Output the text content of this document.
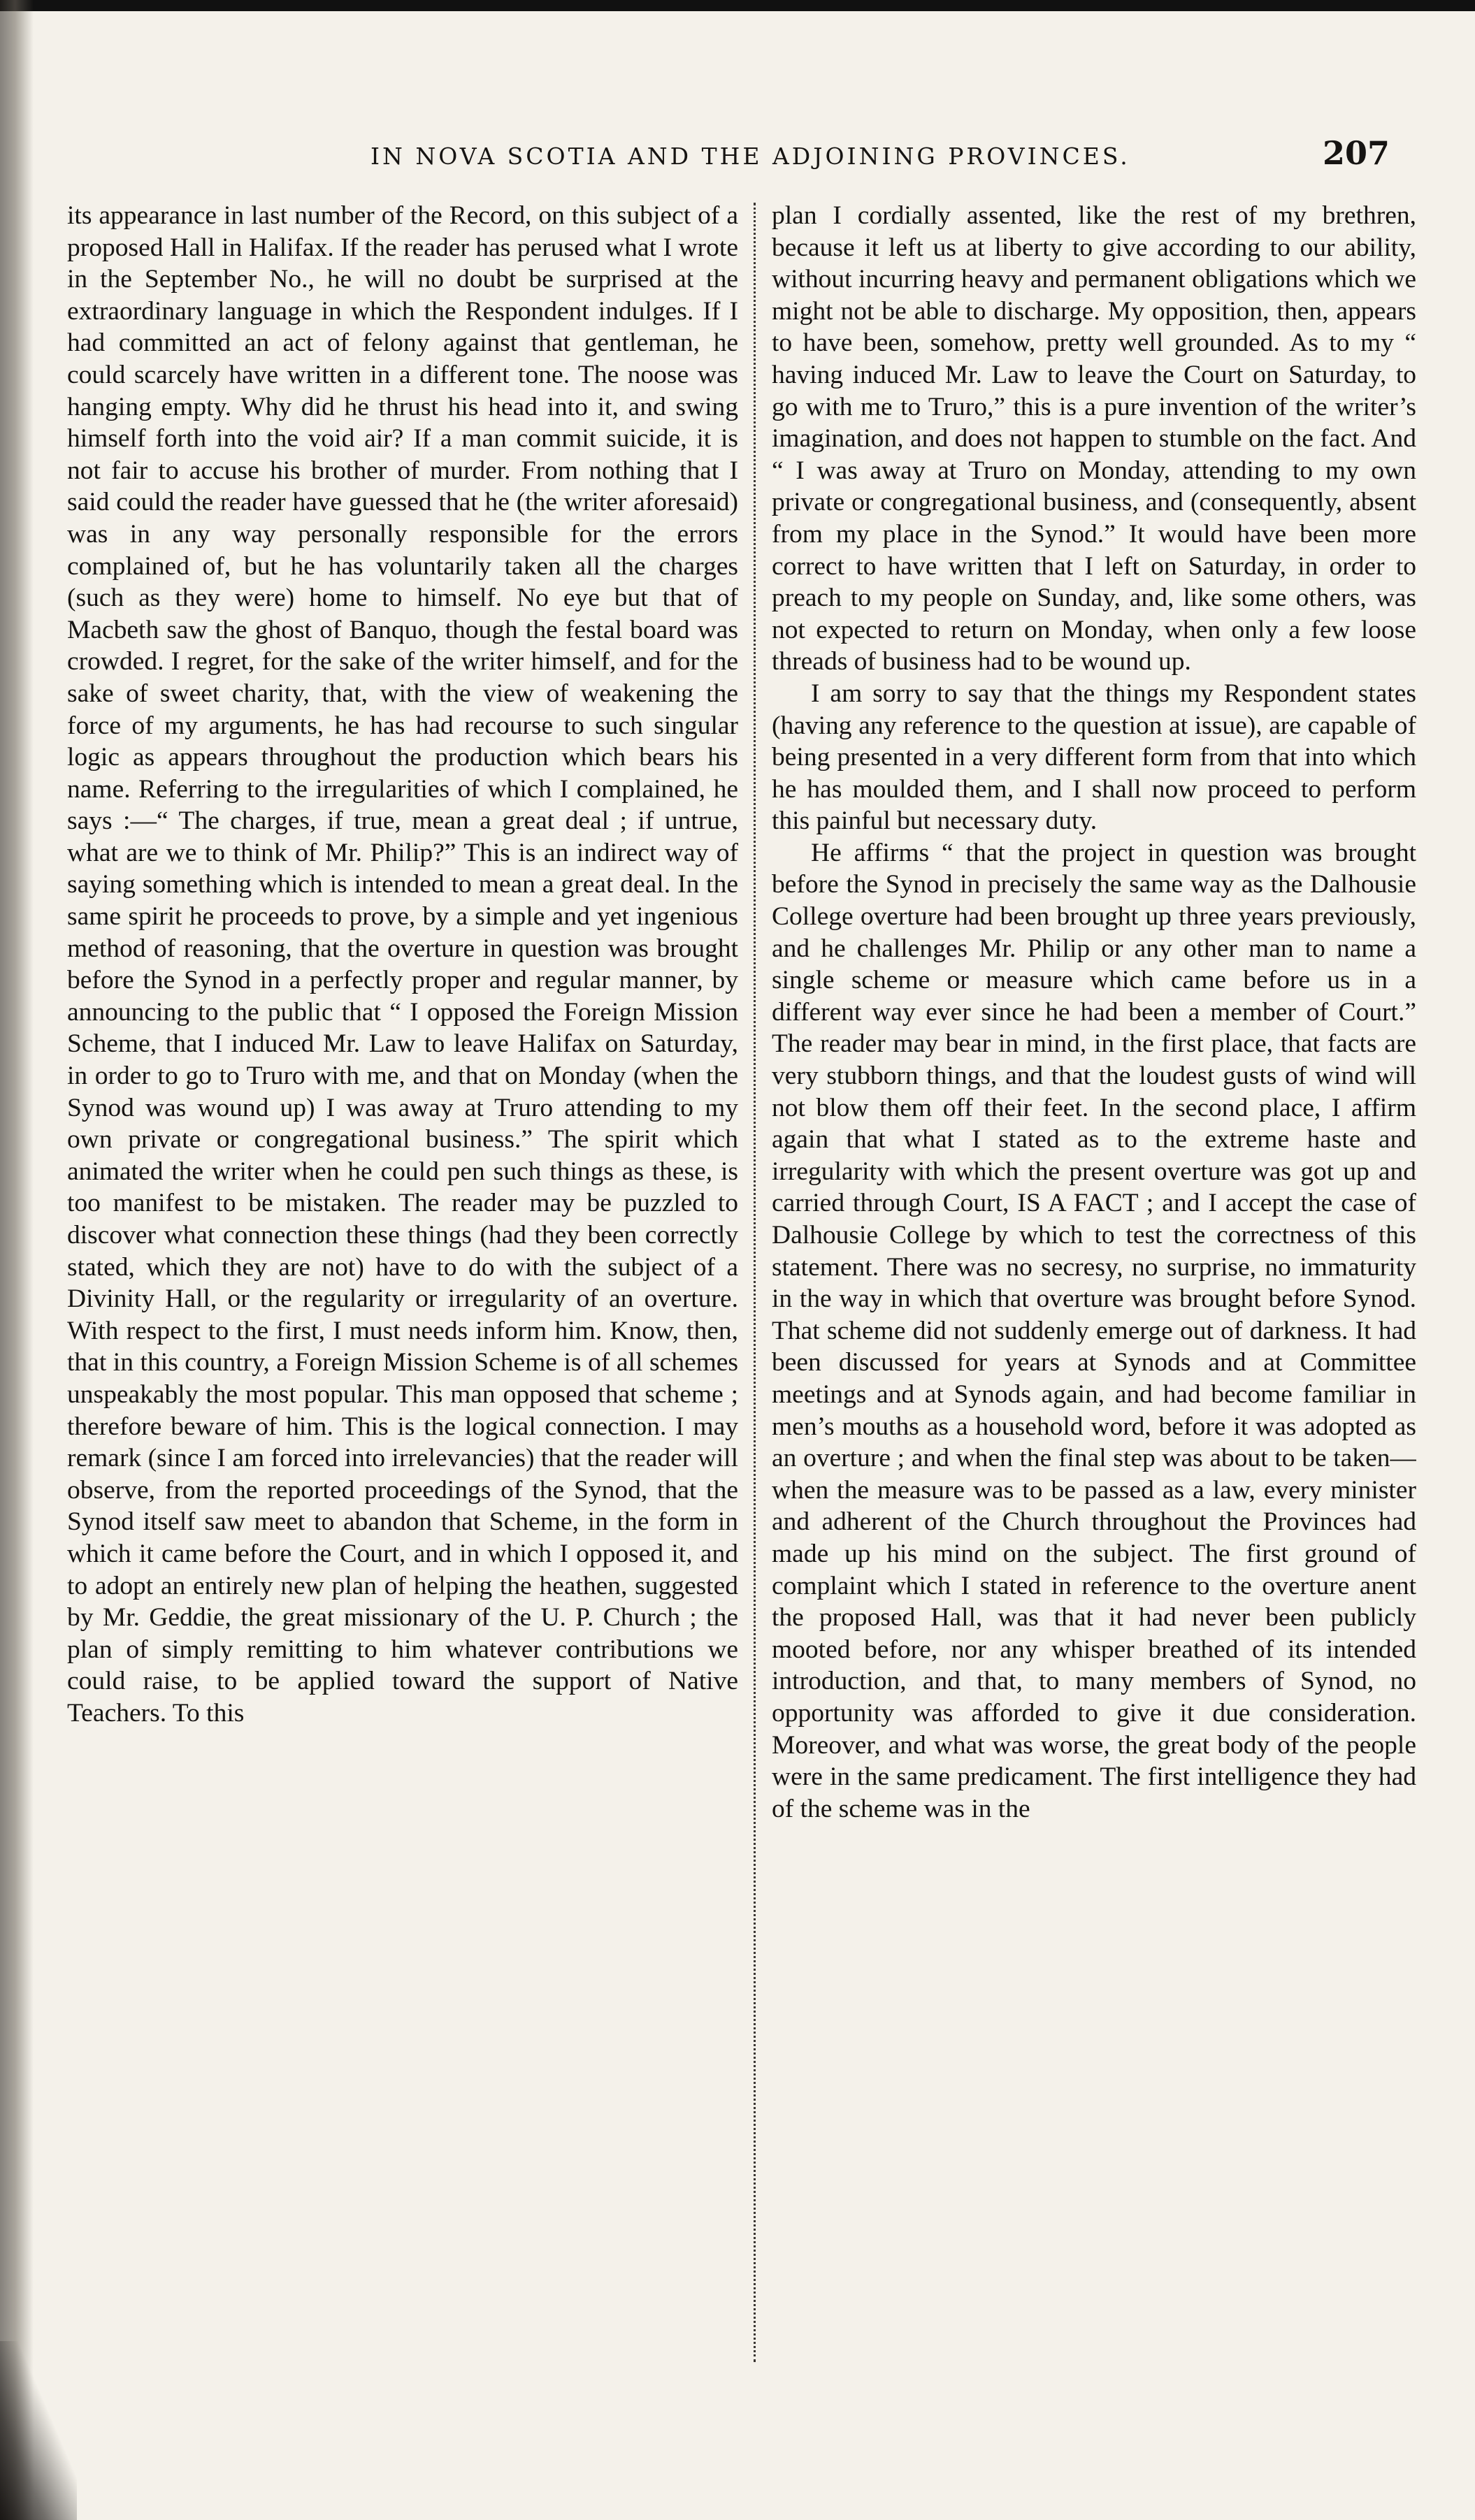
IN NOVA SCOTIA AND THE ADJOINING PROVINCES.	207

its appearance in last number of the Record, on this subject of a proposed Hall in Halifax. If the reader has perused what I wrote in the September No., he will no doubt be surprised at the extraordinary language in which the Respondent indulges. If I had committed an act of felony against that gentleman, he could scarcely have written in a different tone. The noose was hanging empty. Why did he thrust his head into it, and swing himself forth into the void air? If a man commit suicide, it is not fair to accuse his brother of murder. From nothing that I said could the reader have guessed that he (the writer aforesaid) was in any way personally responsible for the errors complained of, but he has voluntarily taken all the charges (such as they were) home to himself. No eye but that of Macbeth saw the ghost of Banquo, though the festal board was crowded. I regret, for the sake of the writer himself, and for the sake of sweet charity, that, with the view of weakening the force of my arguments, he has had recourse to such singular logic as appears throughout the production which bears his name. Referring to the irregularities of which I complained, he says :—“ The charges, if true, mean a great deal ; if untrue, what are we to think of Mr. Philip?” This is an indirect way of saying something which is intended to mean a great deal. In the same spirit he proceeds to prove, by a simple and yet ingenious method of reasoning, that the overture in question was brought before the Synod in a perfectly proper and regular manner, by announcing to the public that “ I opposed the Foreign Mission Scheme, that I induced Mr. Law to leave Halifax on Saturday, in order to go to Truro with me, and that on Monday (when the Synod was wound up) I was away at Truro attending to my own private or congregational business.” The spirit which animated the writer when he could pen such things as these, is too manifest to be mistaken. The reader may be puzzled to discover what connection these things (had they been correctly stated, which they are not) have to do with the subject of a Divinity Hall, or the regularity or irregularity of an overture. With respect to the first, I must needs inform him. Know, then, that in this country, a Foreign Mission Scheme is of all schemes unspeakably the most popular. This man opposed that scheme ; therefore beware of him. This is the logical connection. I may remark (since I am forced into irrelevancies) that the reader will observe, from the reported proceedings of the Synod, that the Synod itself saw meet to abandon that Scheme, in the form in which it came before the Court, and in which I opposed it, and to adopt an entirely new plan of helping the heathen, suggested by Mr. Geddie, the great missionary of the U. P. Church ; the plan of simply remitting to him whatever contributions we could raise, to be applied toward the support of Native Teachers. To this

plan I cordially assented, like the rest of my brethren, because it left us at liberty to give according to our ability, without incurring heavy and permanent obligations which we might not be able to discharge. My opposition, then, appears to have been, somehow, pretty well grounded. As to my “ having induced Mr. Law to leave the Court on Saturday, to go with me to Truro,” this is a pure invention of the writer’s imagination, and does not happen to stumble on the fact. And “ I was away at Truro on Monday, attending to my own private or congregational business, and (consequently, absent from my place in the Synod.” It would have been more correct to have written that I left on Saturday, in order to preach to my people on Sunday, and, like some others, was not expected to return on Monday, when only a few loose threads of business had to be wound up.

I am sorry to say that the things my Respondent states (having any reference to the question at issue), are capable of being presented in a very different form from that into which he has moulded them, and I shall now proceed to perform this painful but necessary duty.

He affirms “ that the project in question was brought before the Synod in precisely the same way as the Dalhousie College overture had been brought up three years previously, and he challenges Mr. Philip or any other man to name a single scheme or measure which came before us in a different way ever since he had been a member of Court.” The reader may bear in mind, in the first place, that facts are very stubborn things, and that the loudest gusts of wind will not blow them off their feet. In the second place, I affirm again that what I stated as to the extreme haste and irregularity with which the present overture was got up and carried through Court, IS A FACT ; and I accept the case of Dalhousie College by which to test the correctness of this statement. There was no secresy, no surprise, no immaturity in the way in which that overture was brought before Synod. That scheme did not suddenly emerge out of darkness. It had been discussed for years at Synods and at Committee meetings and at Synods again, and had become familiar in men’s mouths as a household word, before it was adopted as an overture ; and when the final step was about to be taken—when the measure was to be passed as a law, every minister and adherent of the Church throughout the Provinces had made up his mind on the subject. The first ground of complaint which I stated in reference to the overture anent the proposed Hall, was that it had never been publicly mooted before, nor any whisper breathed of its intended introduction, and that, to many members of Synod, no opportunity was afforded to give it due consideration. Moreover, and what was worse, the great body of the people were in the same predicament. The first intelligence they had of the scheme was in the
